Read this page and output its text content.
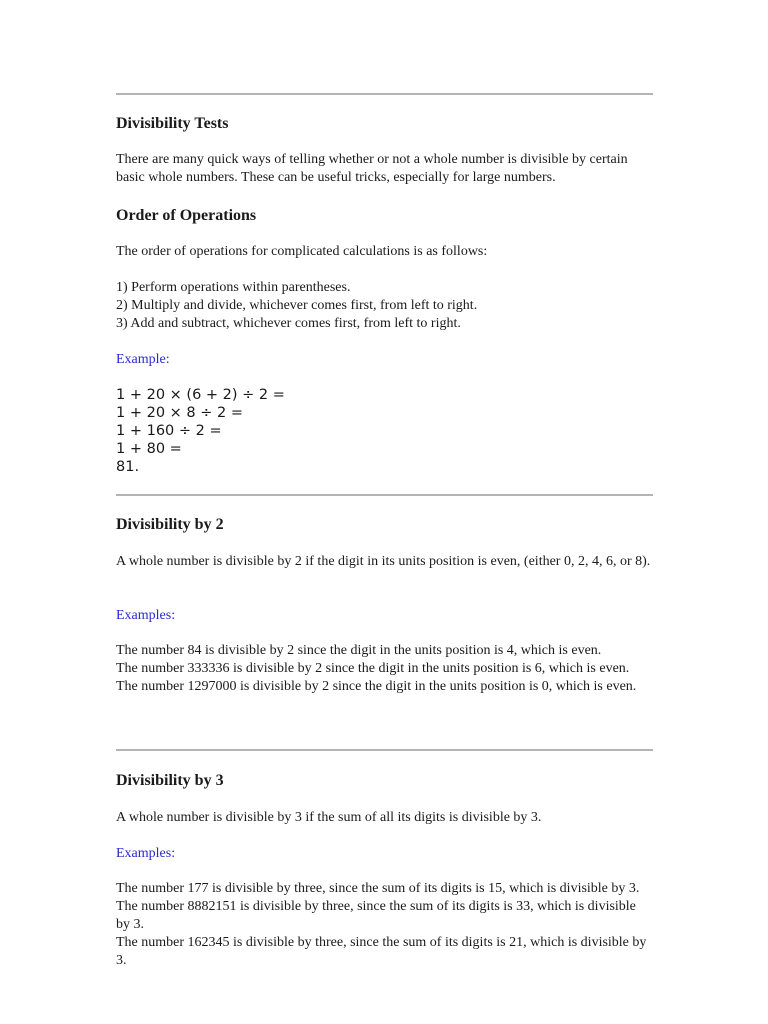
Divisibility Tests
There are many quick ways of telling whether or not a whole number is divisible by certain basic whole numbers. These can be useful tricks, especially for large numbers.
Order of Operations
The order of operations for complicated calculations is as follows:
1) Perform operations within parentheses.
2) Multiply and divide, whichever comes first, from left to right.
3) Add and subtract, whichever comes first, from left to right.
Example:
1 + 20 × (6 + 2) ÷ 2 =
1 + 20 × 8 ÷ 2 =
1 + 160 ÷ 2 =
1 + 80 =
81.
Divisibility by 2
A whole number is divisible by 2 if the digit in its units position is even, (either 0, 2, 4, 6, or 8).
Examples:
The number 84 is divisible by 2 since the digit in the units position is 4, which is even.
The number 333336 is divisible by 2 since the digit in the units position is 6, which is even.
The number 1297000 is divisible by 2 since the digit in the units position is 0, which is even.
Divisibility by 3
A whole number is divisible by 3 if the sum of all its digits is divisible by 3.
Examples:
The number 177 is divisible by three, since the sum of its digits is 15, which is divisible by 3.
The number 8882151 is divisible by three, since the sum of its digits is 33, which is divisible by 3.
The number 162345 is divisible by three, since the sum of its digits is 21, which is divisible by 3.
